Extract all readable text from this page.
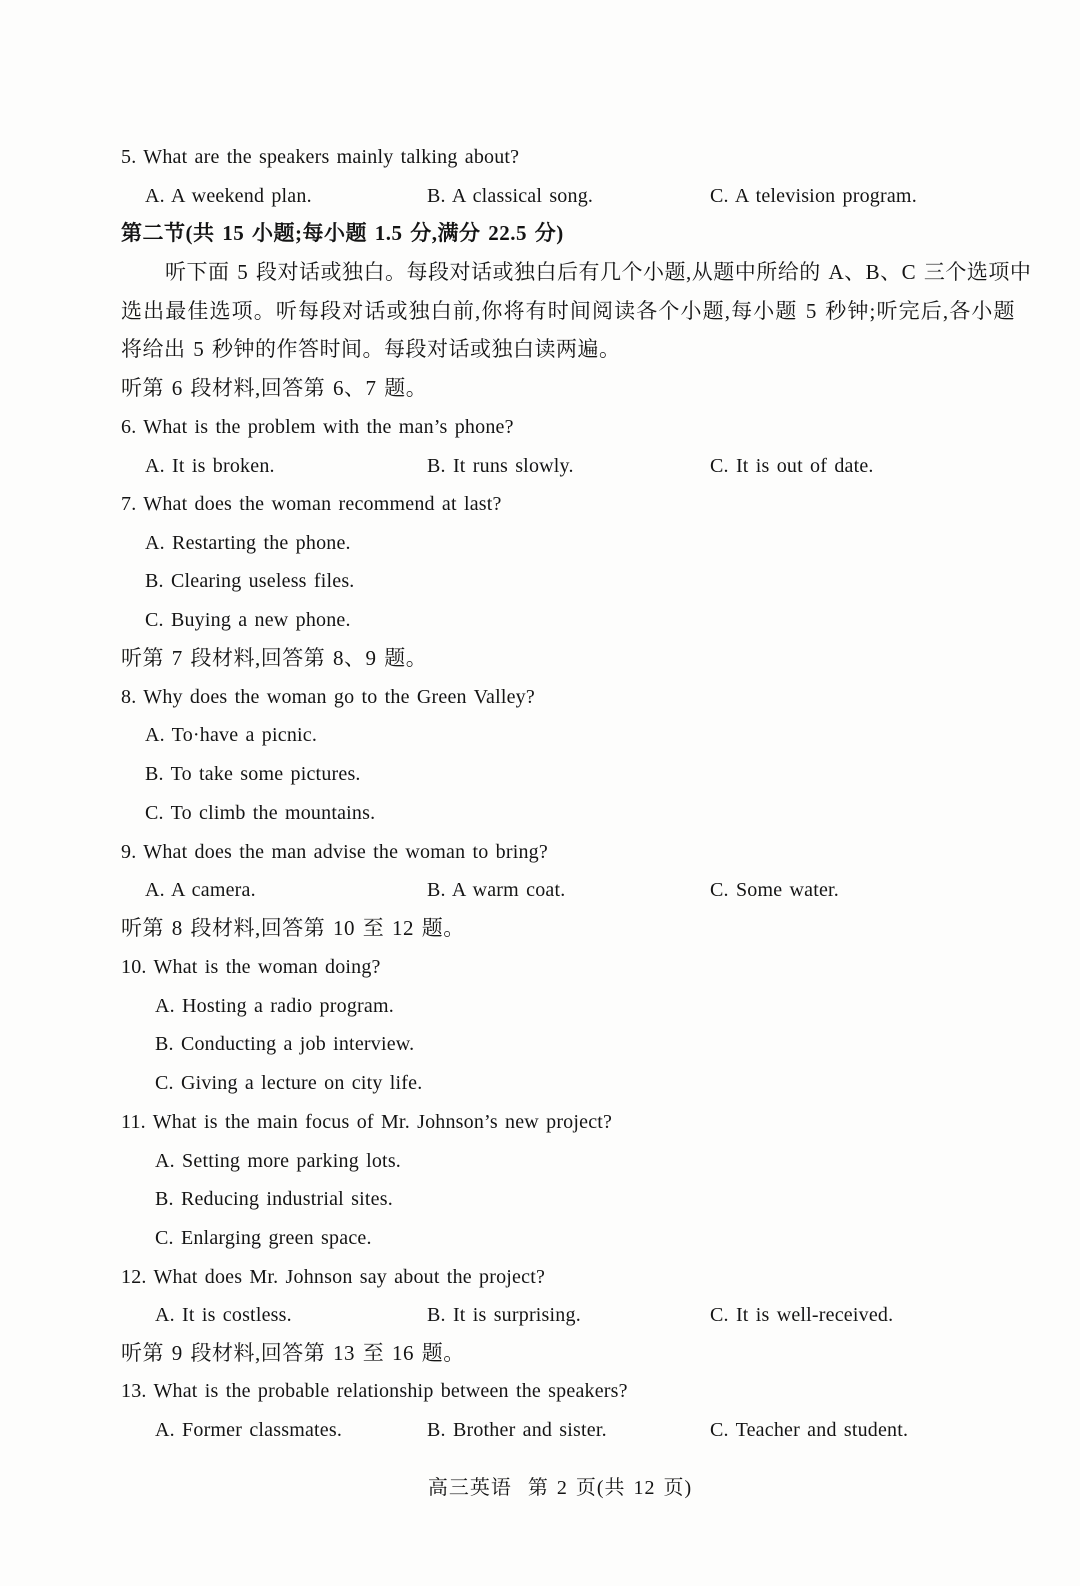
5. What are the speakers mainly talking about?
A. A weekend plan.	B. A classical song.	C. A television program.
第二节(共 15 小题;每小题 1.5 分,满分 22.5 分)
听下面 5 段对话或独白。每段对话或独白后有几个小题,从题中所给的 A、B、C 三个选项中
选出最佳选项。听每段对话或独白前,你将有时间阅读各个小题,每小题 5 秒钟;听完后,各小题
将给出 5 秒钟的作答时间。每段对话或独白读两遍。
听第 6 段材料,回答第 6、7 题。
6. What is the problem with the man’s phone?
A. It is broken.	B. It runs slowly.	C. It is out of date.
7. What does the woman recommend at last?
A. Restarting the phone.
B. Clearing useless files.
C. Buying a new phone.
听第 7 段材料,回答第 8、9 题。
8. Why does the woman go to the Green Valley?
A. To·have a picnic.
B. To take some pictures.
C. To climb the mountains.
9. What does the man advise the woman to bring?
A. A camera.	B. A warm coat.	C. Some water.
听第 8 段材料,回答第 10 至 12 题。
10. What is the woman doing?
A. Hosting a radio program.
B. Conducting a job interview.
C. Giving a lecture on city life.
11. What is the main focus of Mr. Johnson’s new project?
A. Setting more parking lots.
B. Reducing industrial sites.
C. Enlarging green space.
12. What does Mr. Johnson say about the project?
A. It is costless.	B. It is surprising.	C. It is well-received.
听第 9 段材料,回答第 13 至 16 题。
13. What is the probable relationship between the speakers?
A. Former classmates.	B. Brother and sister.	C. Teacher and student.
高三英语  第 2 页(共 12 页)
